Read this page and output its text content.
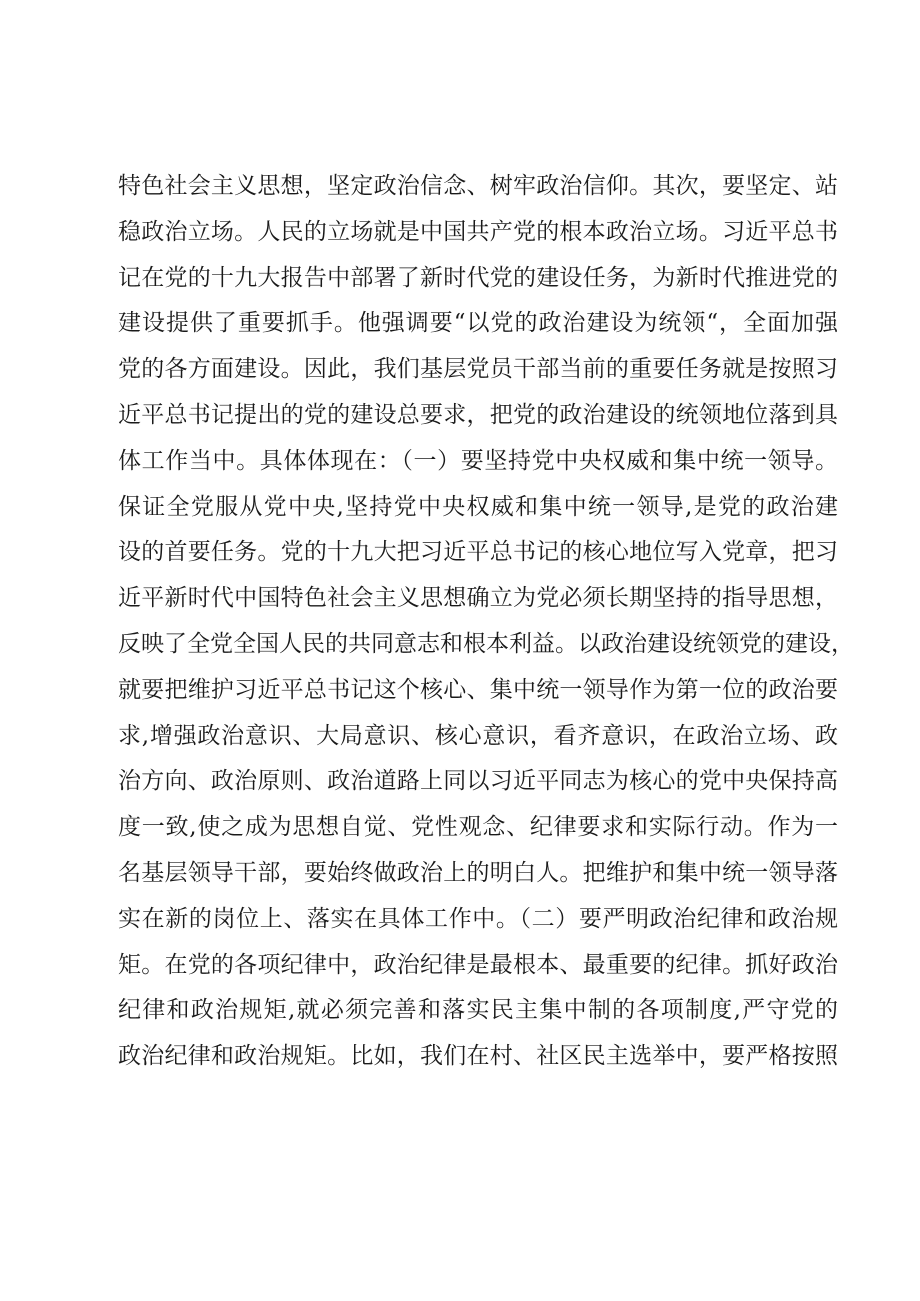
特色社会主义思想，坚定政治信念、树牢政治信仰。其次，要坚定、站
稳政治立场。人民的立场就是中国共产党的根本政治立场。习近平总书
记在党的十九大报告中部署了新时代党的建设任务，为新时代推进党的
建设提供了重要抓手。他强调要“以党的政治建设为统领“，全面加强
党的各方面建设。因此，我们基层党员干部当前的重要任务就是按照习
近平总书记提出的党的建设总要求，把党的政治建设的统领地位落到具
体工作当中。具体体现在：（一）要坚持党中央权威和集中统一领导。
保证全党服从党中央,坚持党中央权威和集中统一领导,是党的政治建
设的首要任务。党的十九大把习近平总书记的核心地位写入党章，把习
近平新时代中国特色社会主义思想确立为党必须长期坚持的指导思想，
反映了全党全国人民的共同意志和根本利益。以政治建设统领党的建设，
就要把维护习近平总书记这个核心、集中统一领导作为第一位的政治要
求,增强政治意识、大局意识、核心意识，看齐意识，在政治立场、政
治方向、政治原则、政治道路上同以习近平同志为核心的党中央保持高
度一致,使之成为思想自觉、党性观念、纪律要求和实际行动。作为一
名基层领导干部，要始终做政治上的明白人。把维护和集中统一领导落
实在新的岗位上、落实在具体工作中。（二）要严明政治纪律和政治规
矩。在党的各项纪律中，政治纪律是最根本、最重要的纪律。抓好政治
纪律和政治规矩,就必须完善和落实民主集中制的各项制度,严守党的
政治纪律和政治规矩。比如，我们在村、社区民主选举中，要严格按照
